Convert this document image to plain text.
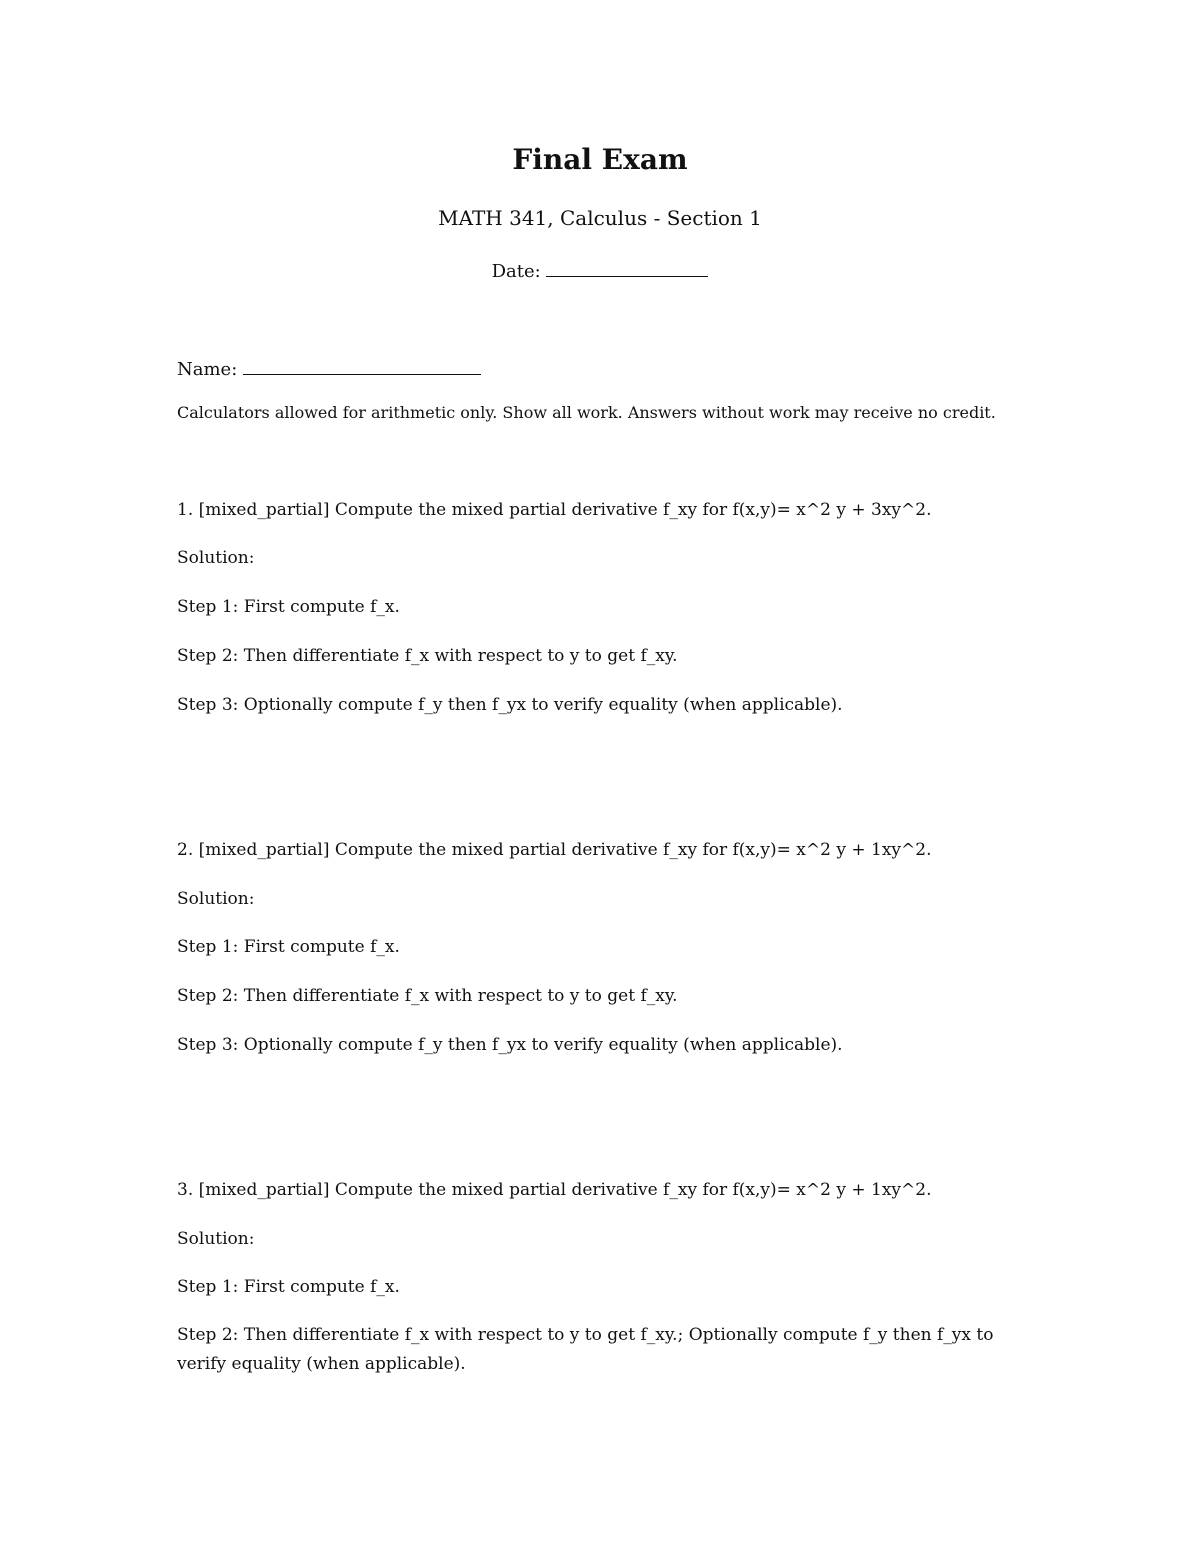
Final Exam
MATH 341, Calculus - Section 1
Date:
Name:
Calculators allowed for arithmetic only. Show all work. Answers without work may receive no credit.
1. [mixed_partial] Compute the mixed partial derivative f_xy for f(x,y)= x^2 y + 3xy^2.
Solution:
Step 1: First compute f_x.
Step 2: Then differentiate f_x with respect to y to get f_xy.
Step 3: Optionally compute f_y then f_yx to verify equality (when applicable).
2. [mixed_partial] Compute the mixed partial derivative f_xy for f(x,y)= x^2 y + 1xy^2.
Solution:
Step 1: First compute f_x.
Step 2: Then differentiate f_x with respect to y to get f_xy.
Step 3: Optionally compute f_y then f_yx to verify equality (when applicable).
3. [mixed_partial] Compute the mixed partial derivative f_xy for f(x,y)= x^2 y + 1xy^2.
Solution:
Step 1: First compute f_x.
Step 2: Then differentiate f_x with respect to y to get f_xy.; Optionally compute f_y then f_yx to verify equality (when applicable).
